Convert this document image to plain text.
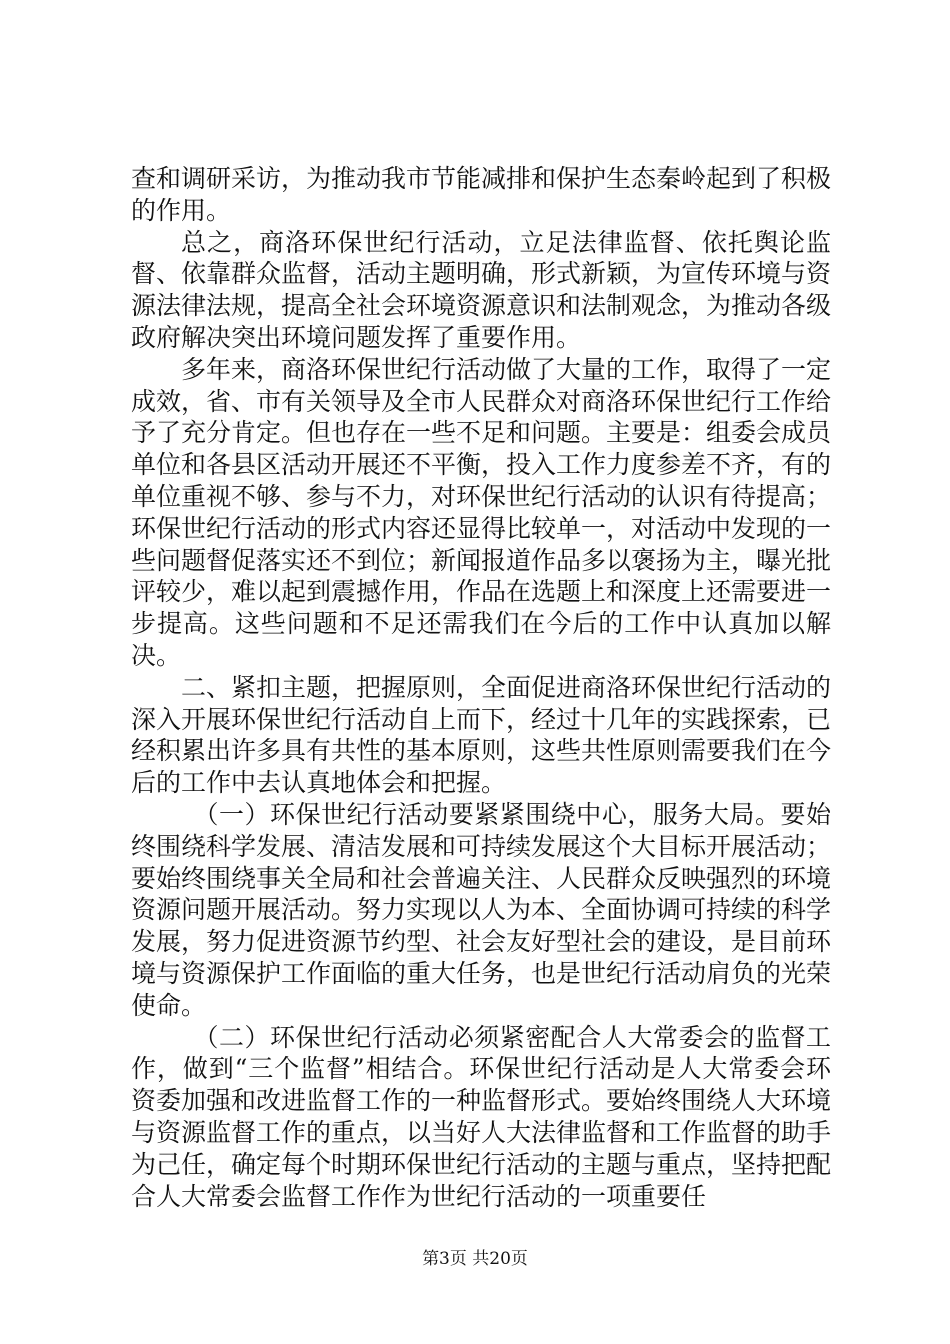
查和调研采访，为推动我市节能减排和保护生态秦岭起到了积极的作用。

总之，商洛环保世纪行活动，立足法律监督、依托舆论监督、依靠群众监督，活动主题明确，形式新颖，为宣传环境与资源法律法规，提高全社会环境资源意识和法制观念，为推动各级政府解决突出环境问题发挥了重要作用。

多年来，商洛环保世纪行活动做了大量的工作，取得了一定成效，省、市有关领导及全市人民群众对商洛环保世纪行工作给予了充分肯定。但也存在一些不足和问题。主要是：组委会成员单位和各县区活动开展还不平衡，投入工作力度参差不齐，有的单位重视不够、参与不力，对环保世纪行活动的认识有待提高；环保世纪行活动的形式内容还显得比较单一，对活动中发现的一些问题督促落实还不到位；新闻报道作品多以褒扬为主，曝光批评较少，难以起到震撼作用，作品在选题上和深度上还需要进一步提高。这些问题和不足还需我们在今后的工作中认真加以解决。

二、紧扣主题，把握原则，全面促进商洛环保世纪行活动的深入开展环保世纪行活动自上而下，经过十几年的实践探索，已经积累出许多具有共性的基本原则，这些共性原则需要我们在今后的工作中去认真地体会和把握。

（一）环保世纪行活动要紧紧围绕中心，服务大局。要始终围绕科学发展、清洁发展和可持续发展这个大目标开展活动；要始终围绕事关全局和社会普遍关注、人民群众反映强烈的环境资源问题开展活动。努力实现以人为本、全面协调可持续的科学发展，努力促进资源节约型、社会友好型社会的建设，是目前环境与资源保护工作面临的重大任务，也是世纪行活动肩负的光荣使命。

（二）环保世纪行活动必须紧密配合人大常委会的监督工作，做到“三个监督”相结合。环保世纪行活动是人大常委会环资委加强和改进监督工作的一种监督形式。要始终围绕人大环境与资源监督工作的重点，以当好人大法律监督和工作监督的助手为己任，确定每个时期环保世纪行活动的主题与重点，坚持把配合人大常委会监督工作作为世纪行活动的一项重要任

第3页 共20页
